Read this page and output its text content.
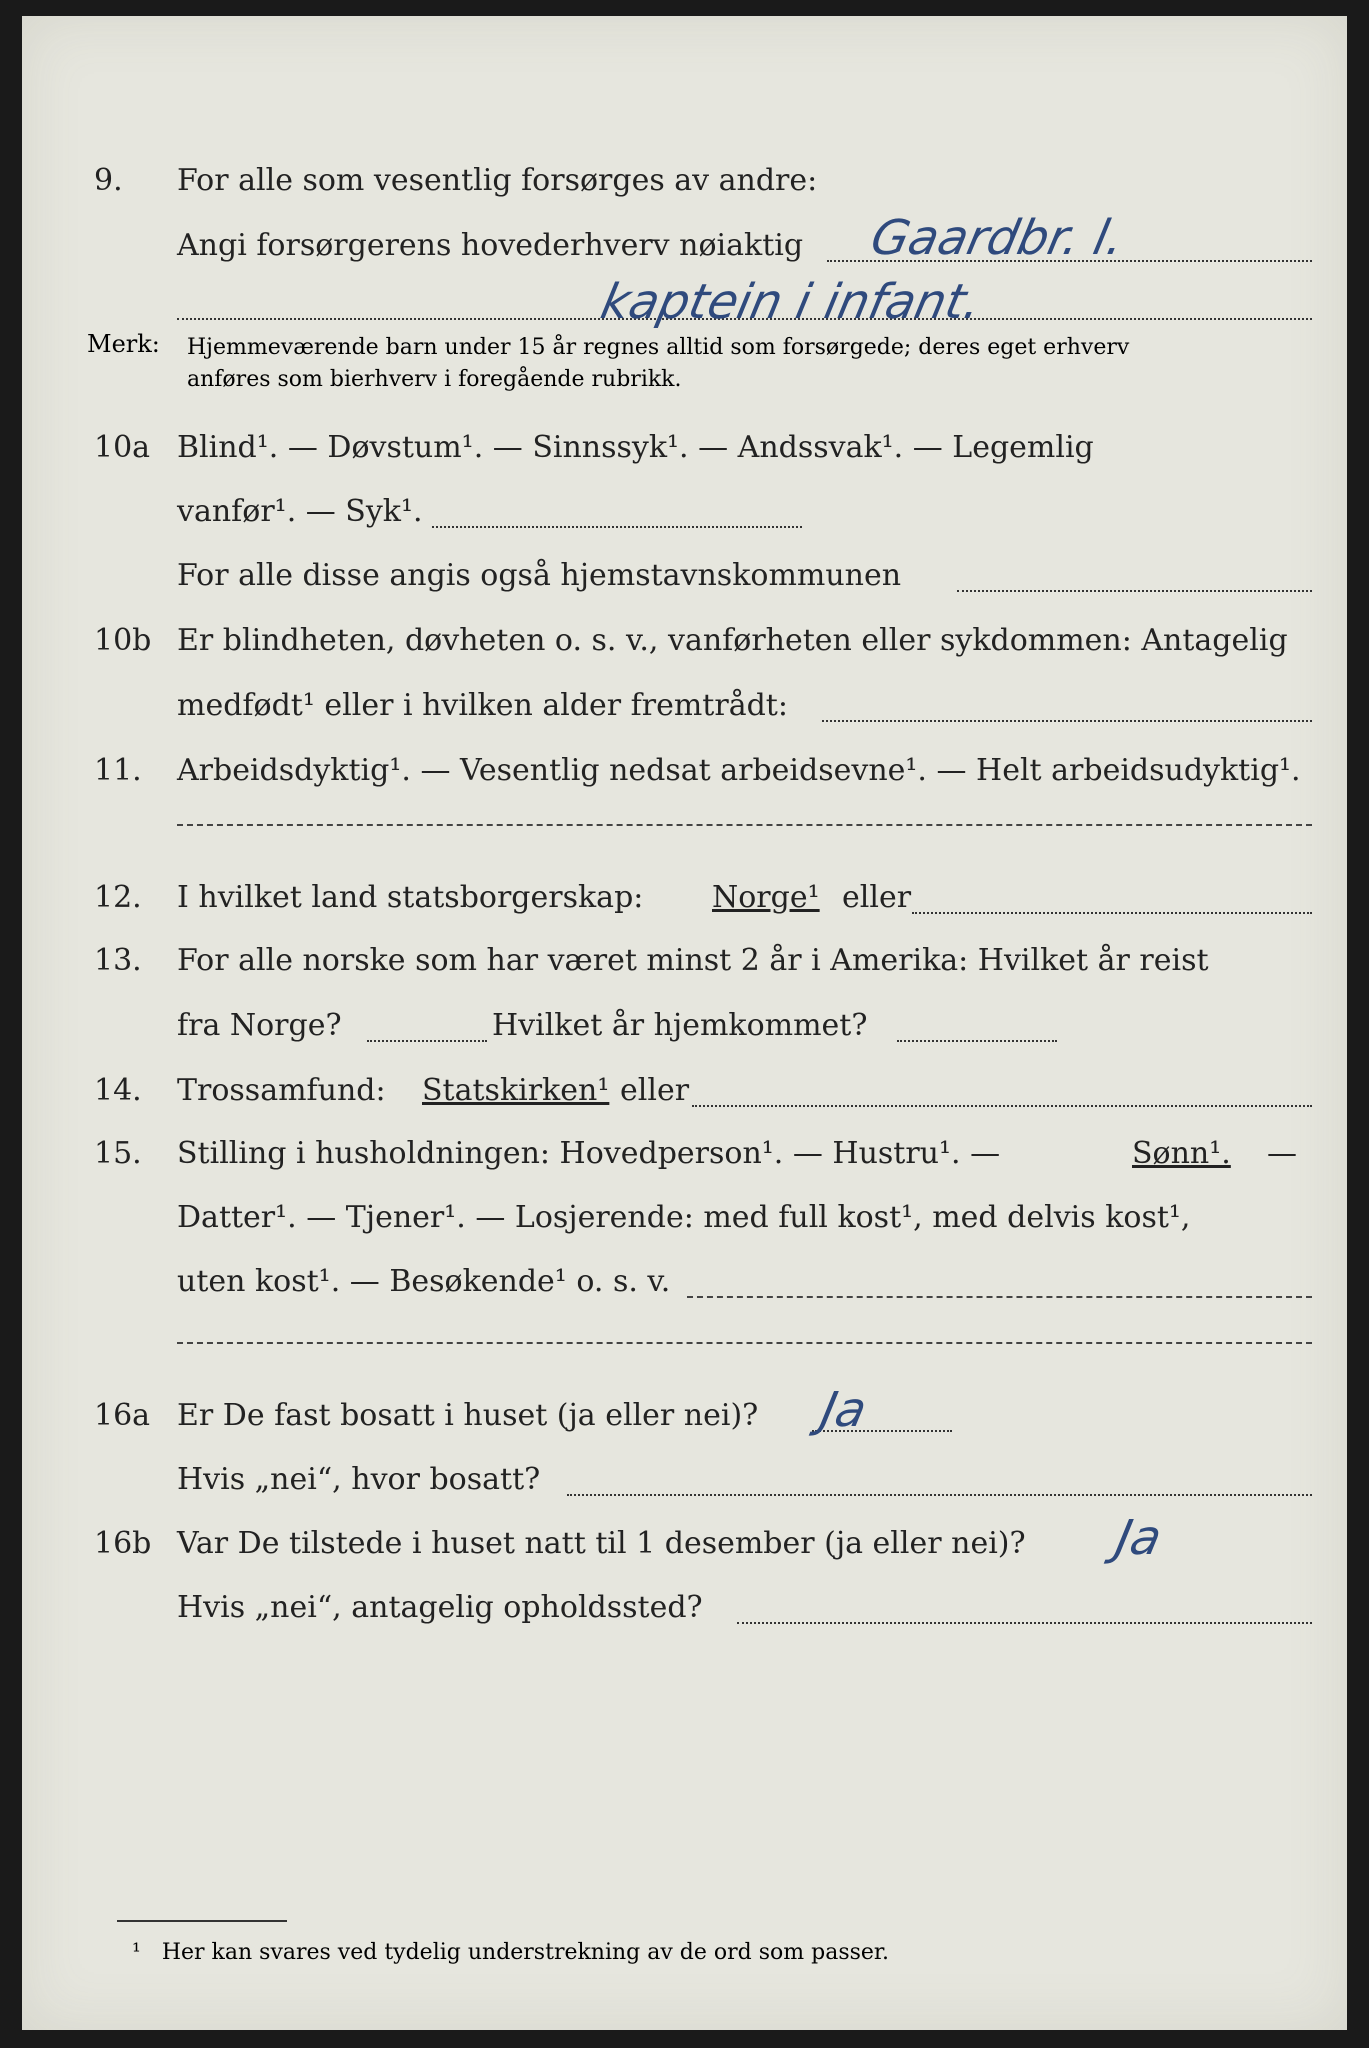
9. For alle som vesentlig forsørges av andre:
Angi forsørgerens hovederhverv nøiaktig Gaardbr. l.
kaptein i infant.
Merk: Hjemmeværende barn under 15 år regnes alltid som forsørgede; deres eget erhverv
anføres som bierhverv i foregående rubrikk.
10a Blind¹. — Døvstum¹. — Sinnssyk¹. — Andssvak¹. — Legemlig
vanfør¹. — Syk¹.
For alle disse angis også hjemstavnskommunen
10b Er blindheten, døvheten o. s. v., vanførheten eller sykdommen: Antagelig
medfødt¹ eller i hvilken alder fremtrådt:
11. Arbeidsdyktig¹. — Vesentlig nedsat arbeidsevne¹. — Helt arbeidsudyktig¹.
12. I hvilket land statsborgerskap: Norge¹ eller
13. For alle norske som har været minst 2 år i Amerika: Hvilket år reist
fra Norge?	Hvilket år hjemkommet?
14. Trossamfund: Statskirken¹ eller
15. Stilling i husholdningen: Hovedperson¹. — Hustru¹. —	Sønn¹. —
Datter¹. — Tjener¹. — Losjerende: med full kost¹, med delvis kost¹,
uten kost¹. — Besøkende¹ o. s. v.
16a Er De fast bosatt i huset (ja eller nei)? Ja
Hvis „nei“, hvor bosatt?
16b Var De tilstede i huset natt til 1 desember (ja eller nei)? Ja
Hvis „nei“, antagelig opholdssted?
¹ Her kan svares ved tydelig understrekning av de ord som passer.
